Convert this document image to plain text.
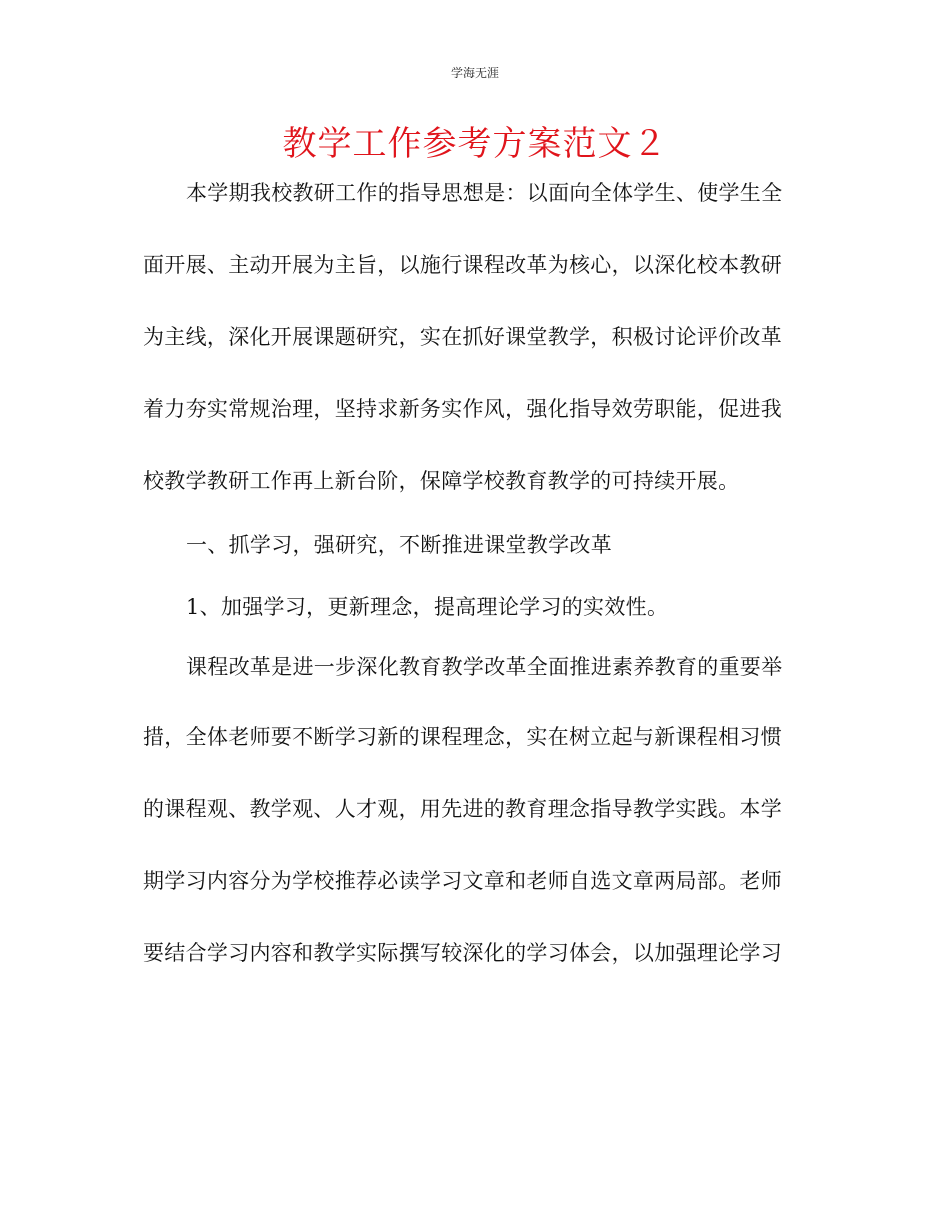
学海无涯
教学工作参考方案范文２
本学期我校教研工作的指导思想是：以面向全体学生、使学生全
面开展、主动开展为主旨，以施行课程改革为核心，以深化校本教研
为主线，深化开展课题研究，实在抓好课堂教学，积极讨论评价改革
着力夯实常规治理，坚持求新务实作风，强化指导效劳职能，促进我
校教学教研工作再上新台阶，保障学校教育教学的可持续开展。
一、抓学习，强研究，不断推进课堂教学改革
1、加强学习，更新理念，提高理论学习的实效性。
课程改革是进一步深化教育教学改革全面推进素养教育的重要举
措，全体老师要不断学习新的课程理念，实在树立起与新课程相习惯
的课程观、教学观、人才观，用先进的教育理念指导教学实践。本学
期学习内容分为学校推荐必读学习文章和老师自选文章两局部。老师
要结合学习内容和教学实际撰写较深化的学习体会，以加强理论学习
